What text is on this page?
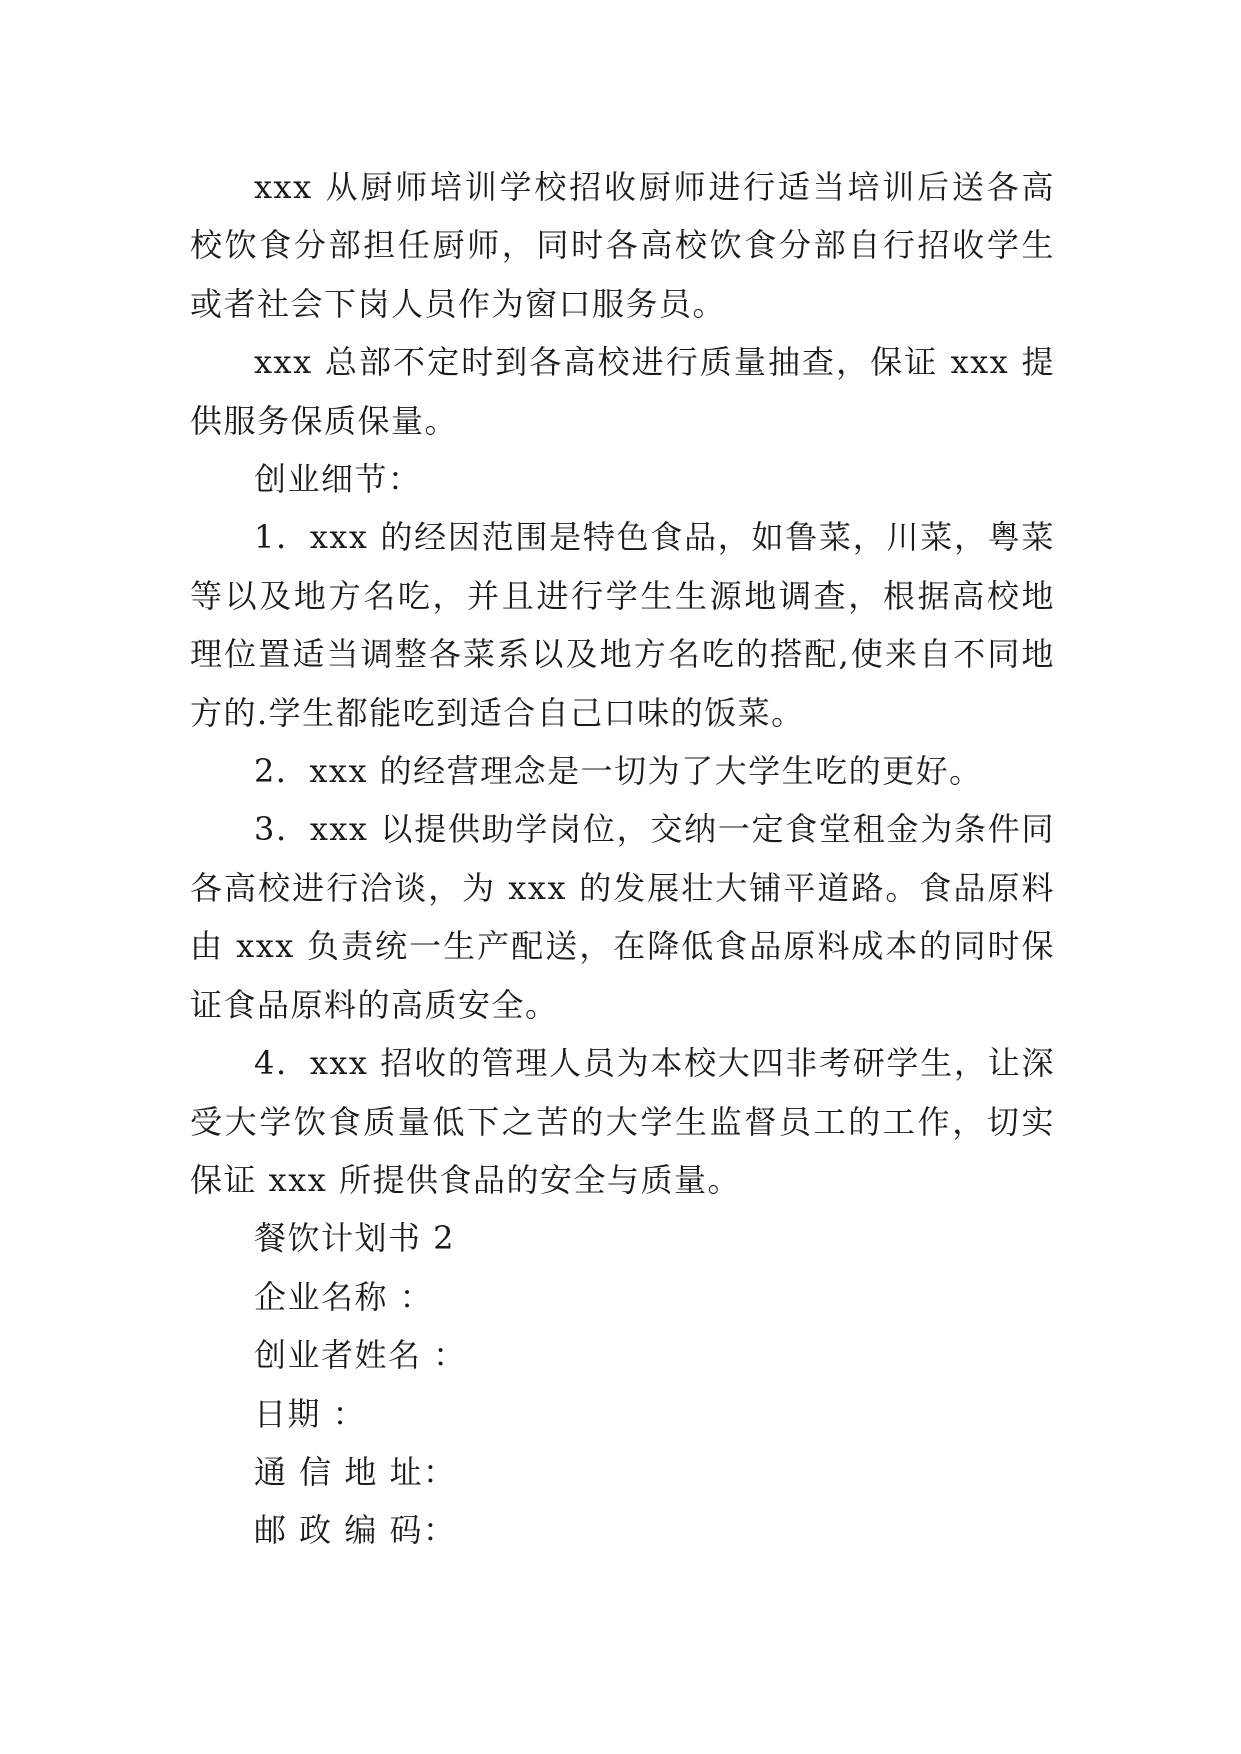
xxx 从厨师培训学校招收厨师进行适当培训后送各高校饮食分部担任厨师，同时各高校饮食分部自行招收学生或者社会下岗人员作为窗口服务员。

xxx 总部不定时到各高校进行质量抽查，保证 xxx 提供服务保质保量。

创业细节：

1．xxx 的经因范围是特色食品，如鲁菜，川菜，粤菜等以及地方名吃，并且进行学生生源地调查，根据高校地理位置适当调整各菜系以及地方名吃的搭配,使来自不同地方的.学生都能吃到适合自己口味的饭菜。

2．xxx 的经营理念是一切为了大学生吃的更好。

3．xxx 以提供助学岗位，交纳一定食堂租金为条件同各高校进行洽谈，为 xxx 的发展壮大铺平道路。食品原料由 xxx 负责统一生产配送，在降低食品原料成本的同时保证食品原料的高质安全。

4．xxx 招收的管理人员为本校大四非考研学生，让深受大学饮食质量低下之苦的大学生监督员工的工作，切实保证 xxx 所提供食品的安全与质量。

餐饮计划书 2

企业名称 ：

创业者姓名 ：

日期 ：

通 信 地 址：

邮 政 编 码：
